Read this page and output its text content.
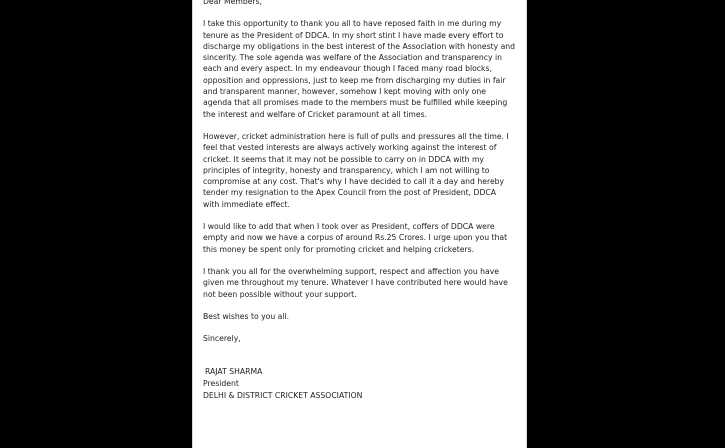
Dear Members,
I take this opportunity to thank you all to have reposed faith in me during my
tenure as the President of DDCA. In my short stint I have made every effort to
discharge my obligations in the best interest of the Association with honesty and
sincerity. The sole agenda was welfare of the Association and transparency in
each and every aspect. In my endeavour though I faced many road blocks,
opposition and oppressions, just to keep me from discharging my duties in fair
and transparent manner, however, somehow I kept moving with only one
agenda that all promises made to the members must be fulfilled while keeping
the interest and welfare of Cricket paramount at all times.
However, cricket administration here is full of pulls and pressures all the time. I
feel that vested interests are always actively working against the interest of
cricket. It seems that it may not be possible to carry on in DDCA with my
principles of integrity, honesty and transparency, which I am not willing to
compromise at any cost. That's why I have decided to call it a day and hereby
tender my resignation to the Apex Council from the post of President, DDCA
with immediate effect.
I would like to add that when I took over as President, coffers of DDCA were
empty and now we have a corpus of around Rs.25 Crores. I urge upon you that
this money be spent only for promoting cricket and helping cricketers.
I thank you all for the overwhelming support, respect and affection you have
given me throughout my tenure. Whatever I have contributed here would have
not been possible without your support.
Best wishes to you all.
Sincerely,
RAJAT SHARMA
President
DELHI & DISTRICT CRICKET ASSOCIATION
